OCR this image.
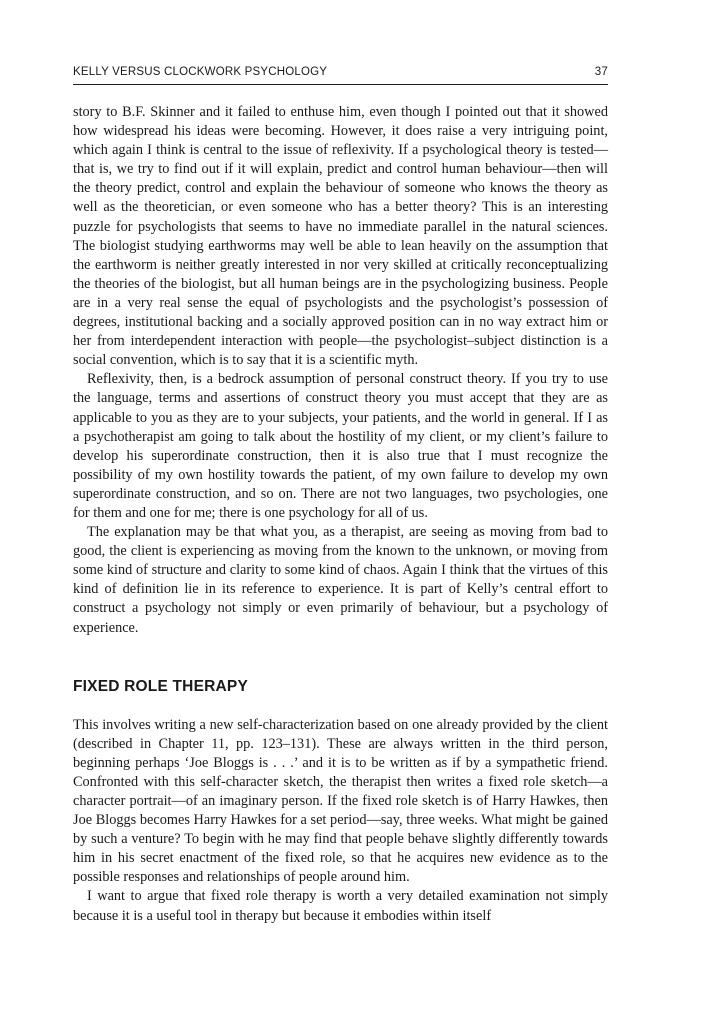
KELLY VERSUS CLOCKWORK PSYCHOLOGY	37

story to B.F. Skinner and it failed to enthuse him, even though I pointed out that it showed how widespread his ideas were becoming. However, it does raise a very intriguing point, which again I think is central to the issue of reflexivity. If a psychological theory is tested—that is, we try to find out if it will explain, predict and control human behaviour—then will the theory predict, control and explain the behaviour of someone who knows the theory as well as the theoretician, or even someone who has a better theory? This is an interesting puzzle for psychologists that seems to have no immediate parallel in the natural sciences. The biologist studying earthworms may well be able to lean heavily on the assumption that the earthworm is neither greatly interested in nor very skilled at critically reconceptualizing the theories of the biologist, but all human beings are in the psychologizing business. People are in a very real sense the equal of psychologists and the psychologist’s possession of degrees, institutional backing and a socially approved position can in no way extract him or her from interdependent interaction with people—the psychologist–subject distinction is a social convention, which is to say that it is a scientific myth.

Reflexivity, then, is a bedrock assumption of personal construct theory. If you try to use the language, terms and assertions of construct theory you must accept that they are as applicable to you as they are to your subjects, your patients, and the world in general. If I as a psychotherapist am going to talk about the hostility of my client, or my client’s failure to develop his superordinate construction, then it is also true that I must recognize the possibility of my own hostility towards the patient, of my own failure to develop my own superordinate construction, and so on. There are not two languages, two psychologies, one for them and one for me; there is one psychology for all of us.

The explanation may be that what you, as a therapist, are seeing as moving from bad to good, the client is experiencing as moving from the known to the unknown, or moving from some kind of structure and clarity to some kind of chaos. Again I think that the virtues of this kind of definition lie in its reference to experience. It is part of Kelly’s central effort to construct a psychology not simply or even primarily of behaviour, but a psychology of experience.

FIXED ROLE THERAPY

This involves writing a new self-characterization based on one already provided by the client (described in Chapter 11, pp. 123–131). These are always written in the third person, beginning perhaps ‘Joe Bloggs is . . .’ and it is to be written as if by a sympathetic friend. Confronted with this self-character sketch, the therapist then writes a fixed role sketch—a character portrait—of an imaginary person. If the fixed role sketch is of Harry Hawkes, then Joe Bloggs becomes Harry Hawkes for a set period—say, three weeks. What might be gained by such a venture? To begin with he may find that people behave slightly differently towards him in his secret enactment of the fixed role, so that he acquires new evidence as to the possible responses and relationships of people around him.

I want to argue that fixed role therapy is worth a very detailed examination not simply because it is a useful tool in therapy but because it embodies within itself
